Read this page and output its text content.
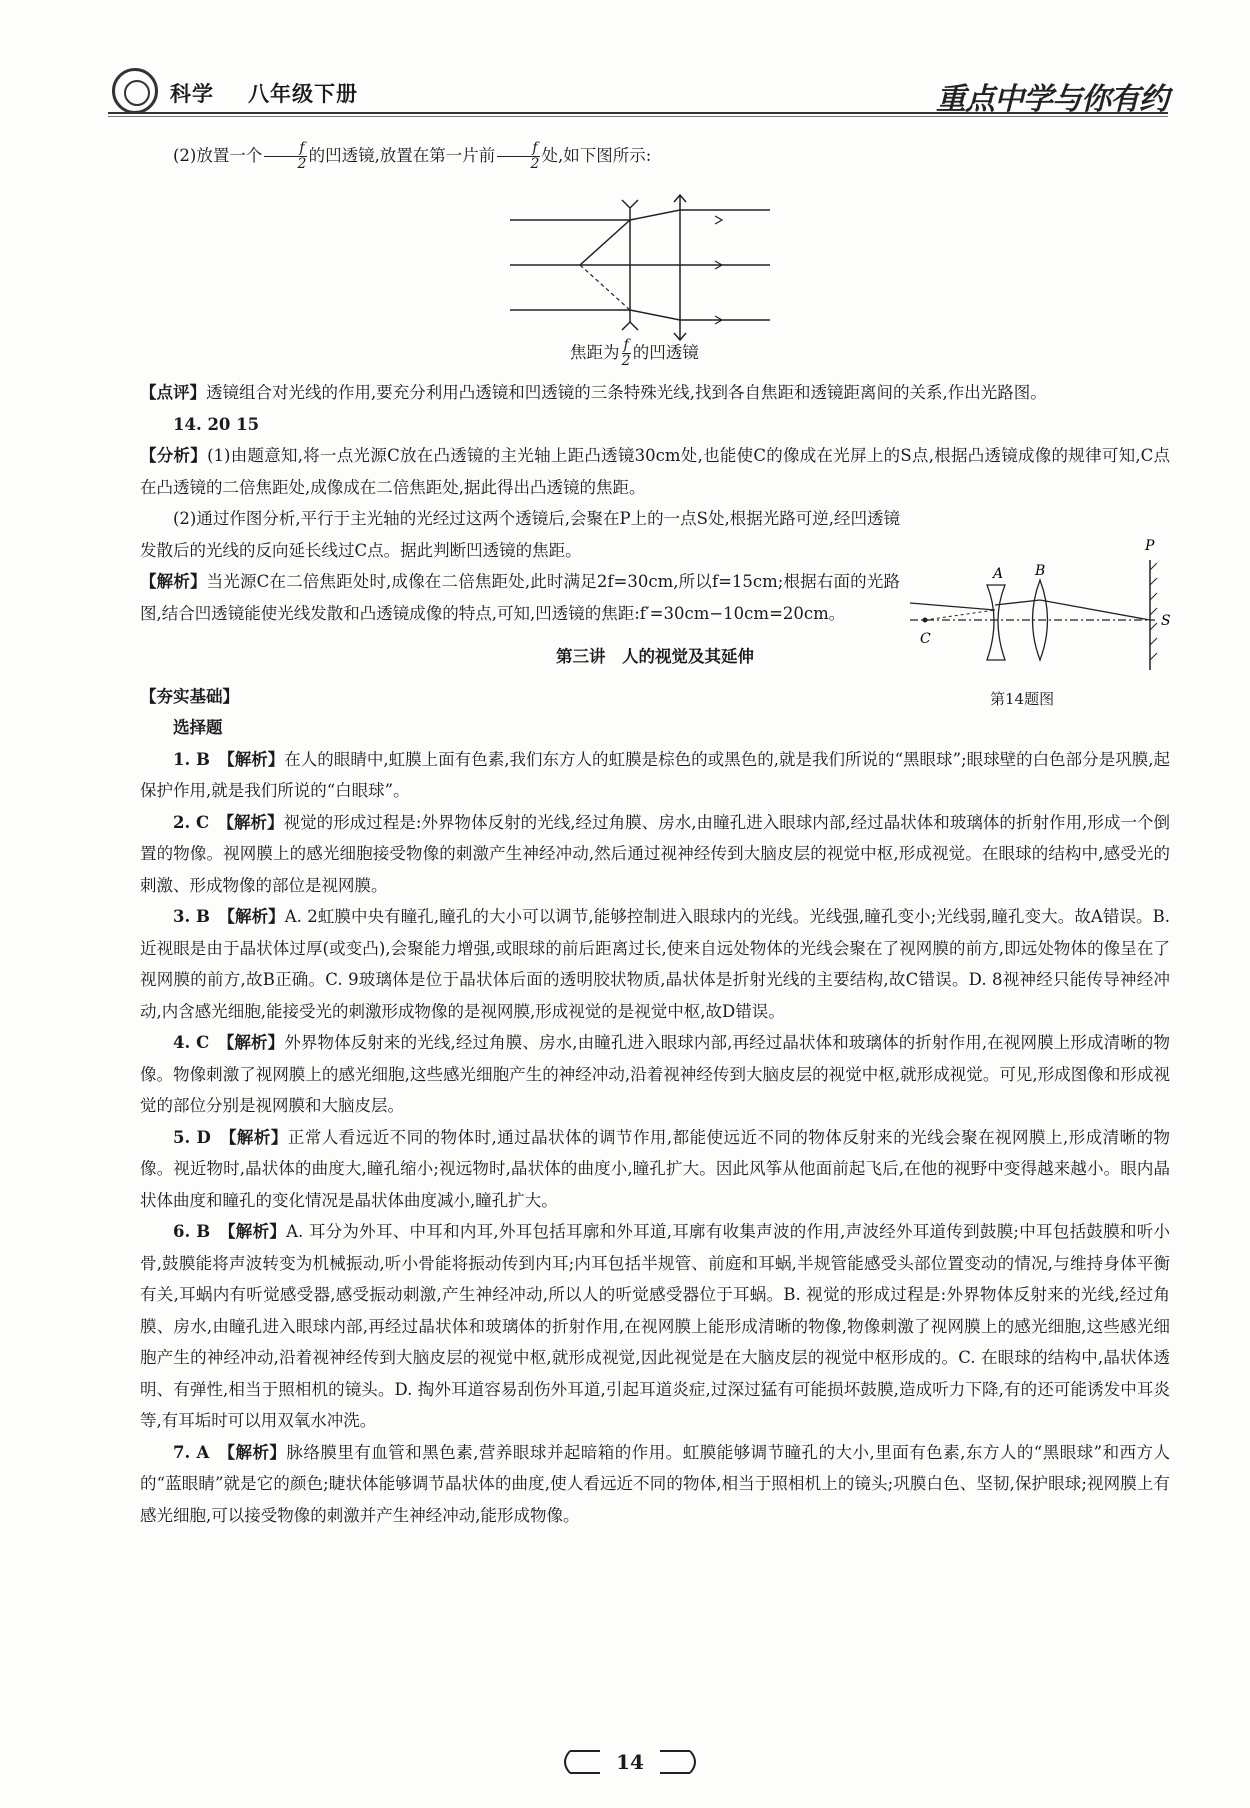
科学 八年级下册	重点中学与你有约
焦距为 $\frac{f}{2}$ 的凹透镜
A B
C
P
S
第14题图

(2)放置一个 $\frac{f}{2}$ 的凹透镜,放置在第一片前 $\frac{f}{2}$ 处,如下图所示:

【点评】透镜组合对光线的作用,要充分利用凸透镜和凹透镜的三条特殊光线,找到各自焦距和透镜距离间的关系,作出光路图。

14. 20 15

【分析】(1)由题意知,将一点光源C放在凸透镜的主光轴上距凸透镜30cm处,也能使C的像成在光屏上的S点,根据凸透镜成像的规律可知,C点在凸透镜的二倍焦距处,成像成在二倍焦距处,据此得出凸透镜的焦距。

(2)通过作图分析,平行于主光轴的光经过这两个透镜后,会聚在P上的一点S处,根据光路可逆,经凹透镜发散后的光线的反向延长线过C点。据此判断凹透镜的焦距。

【解析】当光源C在二倍焦距处时,成像在二倍焦距处,此时满足2f=30cm,所以f=15cm;根据右面的光路图,结合凹透镜能使光线发散和凸透镜成像的特点,可知,凹透镜的焦距:f′=30cm−10cm=20cm。

第三讲　人的视觉及其延伸

【夯实基础】

选择题

1. B　 【解析】在人的眼睛中,虹膜上面有色素,我们东方人的虹膜是棕色的或黑色的,就是我们所说的“黑眼球”;眼球壁的白色部分是巩膜,起保护作用,就是我们所说的“白眼球”。

2. C　 【解析】视觉的形成过程是:外界物体反射的光线,经过角膜、房水,由瞳孔进入眼球内部,经过晶状体和玻璃体的折射作用,形成一个倒置的物像。视网膜上的感光细胞接受物像的刺激产生神经冲动,然后通过视神经传到大脑皮层的视觉中枢,形成视觉。在眼球的结构中,感受光的刺激、形成物像的部位是视网膜。

3. B　 【解析】A. 2虹膜中央有瞳孔,瞳孔的大小可以调节,能够控制进入眼球内的光线。光线强,瞳孔变小;光线弱,瞳孔变大。故A错误。B. 近视眼是由于晶状体过厚(或变凸),会聚能力增强,或眼球的前后距离过长,使来自远处物体的光线会聚在了视网膜的前方,即远处物体的像呈在了视网膜的前方,故B正确。C. 9玻璃体是位于晶状体后面的透明胶状物质,晶状体是折射光线的主要结构,故C错误。D. 8视神经只能传导神经冲动,内含感光细胞,能接受光的刺激形成物像的是视网膜,形成视觉的是视觉中枢,故D错误。

4. C　 【解析】外界物体反射来的光线,经过角膜、房水,由瞳孔进入眼球内部,再经过晶状体和玻璃体的折射作用,在视网膜上形成清晰的物像。物像刺激了视网膜上的感光细胞,这些感光细胞产生的神经冲动,沿着视神经传到大脑皮层的视觉中枢,就形成视觉。可见,形成图像和形成视觉的部位分别是视网膜和大脑皮层。

5. D　 【解析】正常人看远近不同的物体时,通过晶状体的调节作用,都能使远近不同的物体反射来的光线会聚在视网膜上,形成清晰的物像。视近物时,晶状体的曲度大,瞳孔缩小;视远物时,晶状体的曲度小,瞳孔扩大。因此风筝从他面前起飞后,在他的视野中变得越来越小。眼内晶状体曲度和瞳孔的变化情况是晶状体曲度减小,瞳孔扩大。

6. B　 【解析】A. 耳分为外耳、中耳和内耳,外耳包括耳廓和外耳道,耳廓有收集声波的作用,声波经外耳道传到鼓膜;中耳包括鼓膜和听小骨,鼓膜能将声波转变为机械振动,听小骨能将振动传到内耳;内耳包括半规管、前庭和耳蜗,半规管能感受头部位置变动的情况,与维持身体平衡有关,耳蜗内有听觉感受器,感受振动刺激,产生神经冲动,所以人的听觉感受器位于耳蜗。B. 视觉的形成过程是:外界物体反射来的光线,经过角膜、房水,由瞳孔进入眼球内部,再经过晶状体和玻璃体的折射作用,在视网膜上能形成清晰的物像,物像刺激了视网膜上的感光细胞,这些感光细胞产生的神经冲动,沿着视神经传到大脑皮层的视觉中枢,就形成视觉,因此视觉是在大脑皮层的视觉中枢形成的。C. 在眼球的结构中,晶状体透明、有弹性,相当于照相机的镜头。D. 掏外耳道容易刮伤外耳道,引起耳道炎症,过深过猛有可能损坏鼓膜,造成听力下降,有的还可能诱发中耳炎等,有耳垢时可以用双氧水冲洗。

7. A　 【解析】脉络膜里有血管和黑色素,营养眼球并起暗箱的作用。虹膜能够调节瞳孔的大小,里面有色素,东方人的“黑眼球”和西方人的“蓝眼睛”就是它的颜色;睫状体能够调节晶状体的曲度,使人看远近不同的物体,相当于照相机上的镜头;巩膜白色、坚韧,保护眼球;视网膜上有感光细胞,可以接受物像的刺激并产生神经冲动,能形成物像。

14
